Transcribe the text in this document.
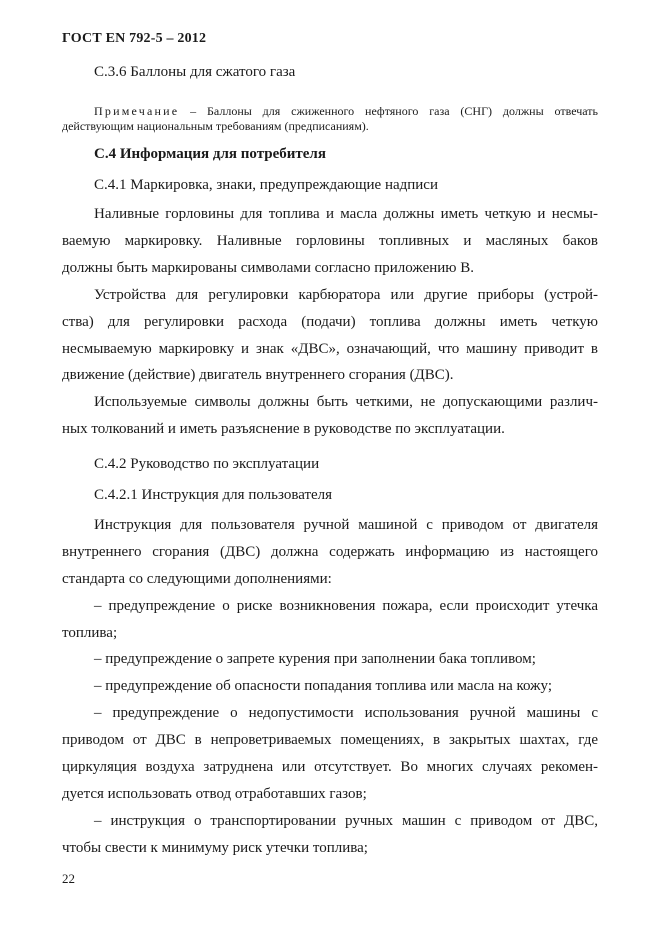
ГОСТ EN 792-5 – 2012
С.3.6 Баллоны для сжатого газа
Примечание – Баллоны для сжиженного нефтяного газа (СНГ) должны отвечать
действующим национальным требованиям (предписаниям).
С.4 Информация для потребителя
С.4.1 Маркировка, знаки, предупреждающие надписи
Наливные горловины для топлива и масла должны иметь четкую и несмы-
ваемую маркировку. Наливные горловины топливных и масляных баков
должны быть маркированы символами согласно приложению В.
Устройства для регулировки карбюратора или другие приборы (устрой-
ства) для регулировки расхода (подачи) топлива должны иметь четкую
несмываемую маркировку и знак «ДВС», означающий, что машину приводит в
движение (действие) двигатель внутреннего сгорания (ДВС).
Используемые символы должны быть четкими, не допускающими различ-
ных толкований и иметь разъяснение в руководстве по эксплуатации.
С.4.2 Руководство по эксплуатации
С.4.2.1 Инструкция для пользователя
Инструкция для пользователя ручной машиной с приводом от двигателя
внутреннего сгорания (ДВС) должна содержать информацию из настоящего
стандарта со следующими дополнениями:
– предупреждение о риске возникновения пожара, если происходит утечка
топлива;
– предупреждение о запрете курения при заполнении бака топливом;
– предупреждение об опасности попадания топлива или масла на кожу;
– предупреждение о недопустимости использования ручной машины с
приводом от ДВС в непроветриваемых помещениях, в закрытых шахтах, где
циркуляция воздуха затруднена или отсутствует. Во многих случаях рекомен-
дуется использовать отвод отработавших газов;
– инструкция о транспортировании ручных машин с приводом от ДВС,
чтобы свести к минимуму риск утечки топлива;
22
